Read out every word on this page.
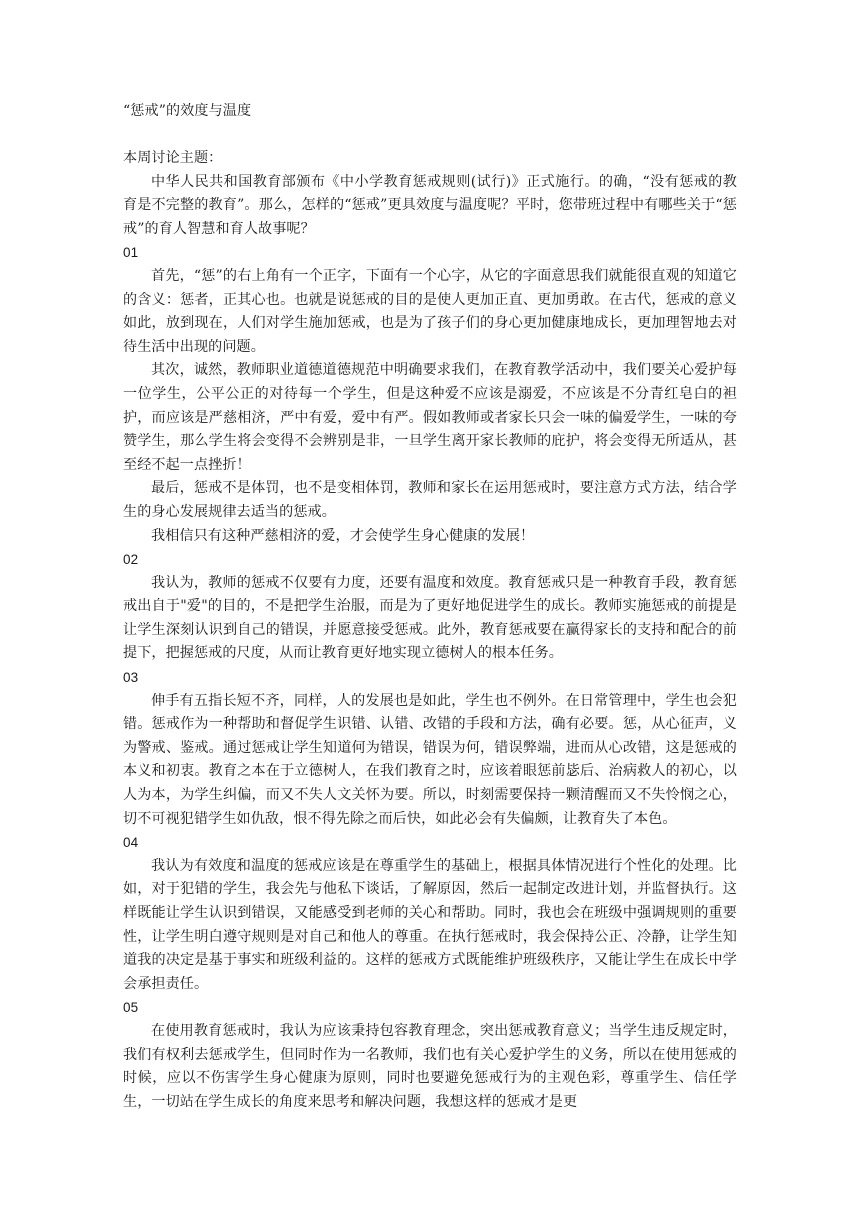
“惩戒”的效度与温度

本周讨论主题：

中华人民共和国教育部颁布《中小学教育惩戒规则(试行)》正式施行。的确，“没有惩戒的教育是不完整的教育”。那么，怎样的“惩戒”更具效度与温度呢？平时，您带班过程中有哪些关于“惩戒”的育人智慧和育人故事呢？

01

首先，“惩”的右上角有一个正字，下面有一个心字，从它的字面意思我们就能很直观的知道它的含义：惩者，正其心也。也就是说惩戒的目的是使人更加正直、更加勇敢。在古代，惩戒的意义如此，放到现在，人们对学生施加惩戒，也是为了孩子们的身心更加健康地成长，更加理智地去对待生活中出现的问题。

其次，诚然，教师职业道德道德规范中明确要求我们，在教育教学活动中，我们要关心爱护每一位学生，公平公正的对待每一个学生，但是这种爱不应该是溺爱，不应该是不分青红皂白的袒护，而应该是严慈相济，严中有爱，爱中有严。假如教师或者家长只会一味的偏爱学生，一味的夸赞学生，那么学生将会变得不会辨别是非，一旦学生离开家长教师的庇护，将会变得无所适从，甚至经不起一点挫折！

最后，惩戒不是体罚，也不是变相体罚，教师和家长在运用惩戒时，要注意方式方法，结合学生的身心发展规律去适当的惩戒。

我相信只有这种严慈相济的爱，才会使学生身心健康的发展！

02

我认为，教师的惩戒不仅要有力度，还要有温度和效度。教育惩戒只是一种教育手段，教育惩戒出自于"爱"的目的，不是把学生治服，而是为了更好地促进学生的成长。教师实施惩戒的前提是让学生深刻认识到自己的错误，并愿意接受惩戒。此外，教育惩戒要在赢得家长的支持和配合的前提下，把握惩戒的尺度，从而让教育更好地实现立德树人的根本任务。

03

伸手有五指长短不齐，同样，人的发展也是如此，学生也不例外。在日常管理中，学生也会犯错。惩戒作为一种帮助和督促学生识错、认错、改错的手段和方法，确有必要。惩，从心征声，义为警戒、鉴戒。通过惩戒让学生知道何为错误，错误为何，错误弊端，进而从心改错，这是惩戒的本义和初衷。教育之本在于立德树人，在我们教育之时，应该着眼惩前毖后、治病救人的初心，以人为本，为学生纠偏，而又不失人文关怀为要。所以，时刻需要保持一颗清醒而又不失怜悯之心，切不可视犯错学生如仇敌，恨不得先除之而后快，如此必会有失偏颇，让教育失了本色。

04

我认为有效度和温度的惩戒应该是在尊重学生的基础上，根据具体情况进行个性化的处理。比如，对于犯错的学生，我会先与他私下谈话，了解原因，然后一起制定改进计划，并监督执行。这样既能让学生认识到错误，又能感受到老师的关心和帮助。同时，我也会在班级中强调规则的重要性，让学生明白遵守规则是对自己和他人的尊重。在执行惩戒时，我会保持公正、冷静，让学生知道我的决定是基于事实和班级利益的。这样的惩戒方式既能维护班级秩序，又能让学生在成长中学会承担责任。

05

在使用教育惩戒时，我认为应该秉持包容教育理念，突出惩戒教育意义；当学生违反规定时，我们有权利去惩戒学生，但同时作为一名教师，我们也有关心爱护学生的义务，所以在使用惩戒的时候，应以不伤害学生身心健康为原则，同时也要避免惩戒行为的主观色彩，尊重学生、信任学生，一切站在学生成长的角度来思考和解决问题，我想这样的惩戒才是更
